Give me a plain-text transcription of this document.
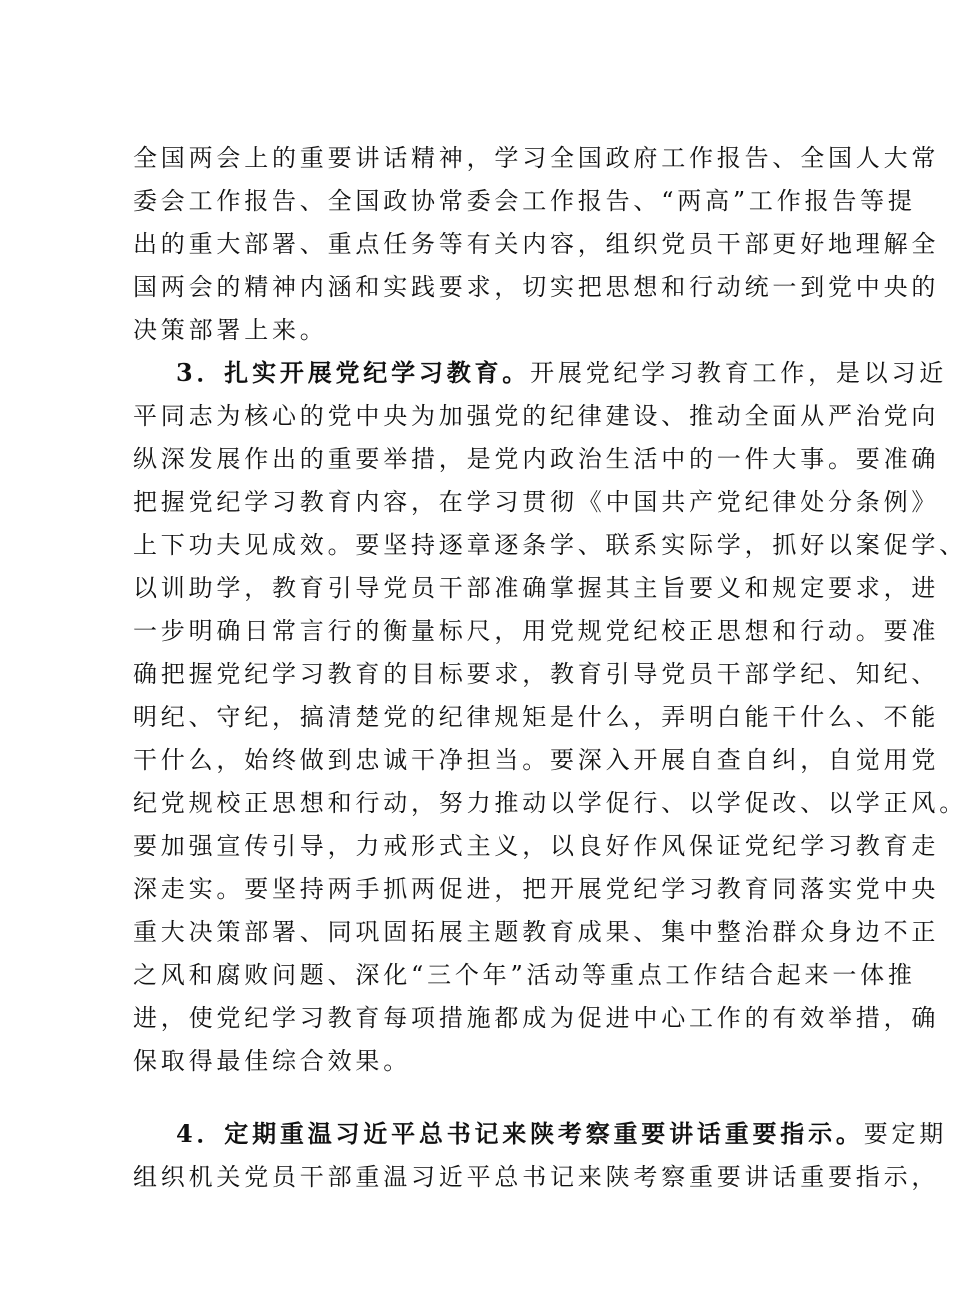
全国两会上的重要讲话精神，学习全国政府工作报告、全国人大常
委会工作报告、全国政协常委会工作报告、“两高”工作报告等提
出的重大部署、重点任务等有关内容，组织党员干部更好地理解全
国两会的精神内涵和实践要求，切实把思想和行动统一到党中央的
决策部署上来。
3．扎实开展党纪学习教育。开展党纪学习教育工作，是以习近
平同志为核心的党中央为加强党的纪律建设、推动全面从严治党向
纵深发展作出的重要举措，是党内政治生活中的一件大事。要准确
把握党纪学习教育内容，在学习贯彻《中国共产党纪律处分条例》
上下功夫见成效。要坚持逐章逐条学、联系实际学，抓好以案促学、
以训助学，教育引导党员干部准确掌握其主旨要义和规定要求，进
一步明确日常言行的衡量标尺，用党规党纪校正思想和行动。要准
确把握党纪学习教育的目标要求，教育引导党员干部学纪、知纪、
明纪、守纪，搞清楚党的纪律规矩是什么，弄明白能干什么、不能
干什么，始终做到忠诚干净担当。要深入开展自查自纠，自觉用党
纪党规校正思想和行动，努力推动以学促行、以学促改、以学正风。
要加强宣传引导，力戒形式主义，以良好作风保证党纪学习教育走
深走实。要坚持两手抓两促进，把开展党纪学习教育同落实党中央
重大决策部署、同巩固拓展主题教育成果、集中整治群众身边不正
之风和腐败问题、深化“三个年”活动等重点工作结合起来一体推
进，使党纪学习教育每项措施都成为促进中心工作的有效举措，确
保取得最佳综合效果。
4．定期重温习近平总书记来陕考察重要讲话重要指示。要定期
组织机关党员干部重温习近平总书记来陕考察重要讲话重要指示，
